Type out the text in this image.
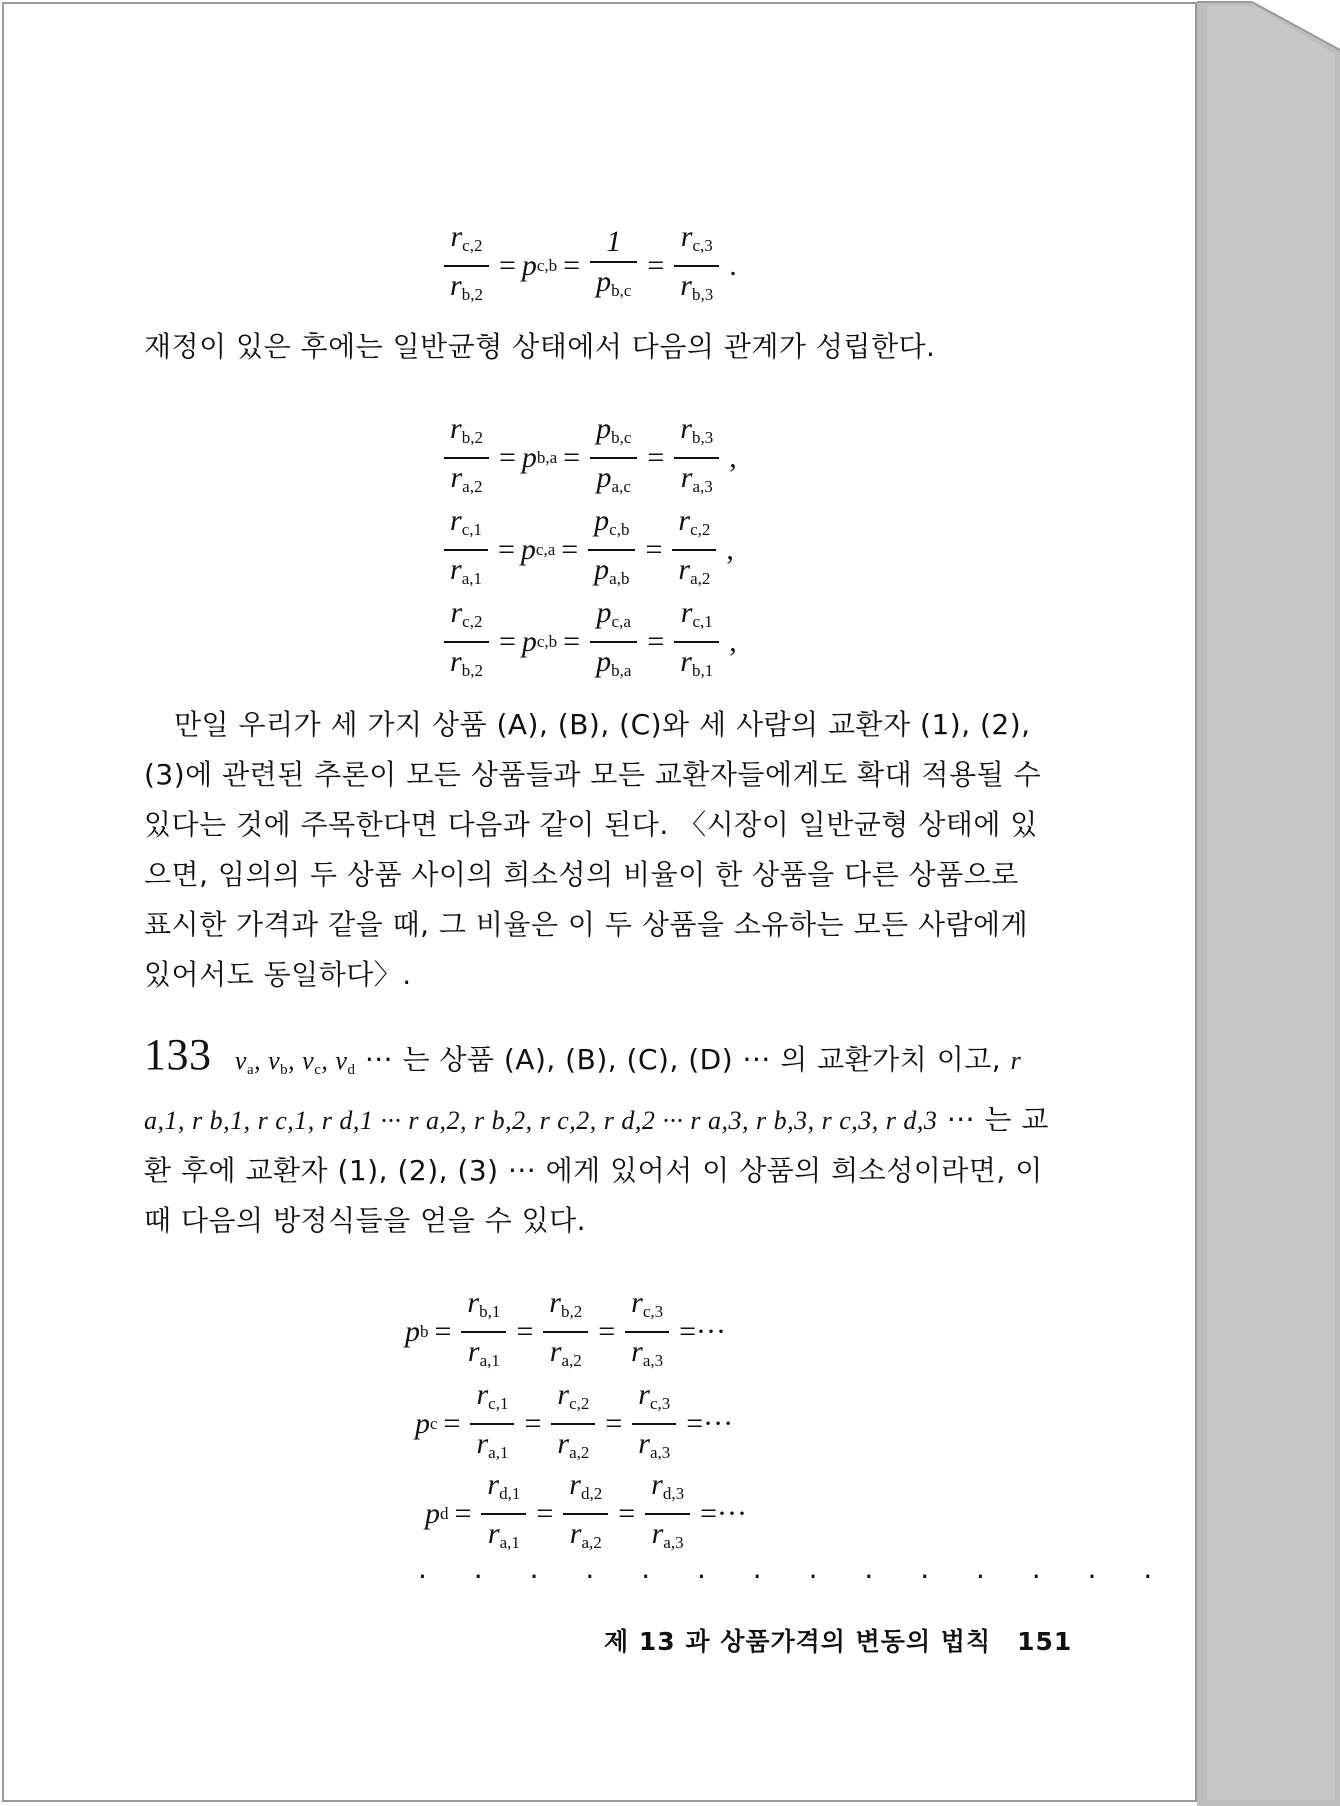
$\frac{r_{c,2}}{r_{b,2}} = p$ $c,b = \frac{1}{p_{b,c}} = \frac{r_{c,3}}{r_{b,3}}$ .

재정이 있은 후에는 일반균형 상태에서 다음의 관계가 성립한다.

$\frac{r_{b,2}}{r_{a,2}} = p$ $b,a = \frac{p_{b,c}}{p_{a,c}} = \frac{r_{b,3}}{r_{a,3}}$ ,
$\frac{r_{c,1}}{r_{a,1}} = p$ $c,a = \frac{p_{c,b}}{p_{a,b}} = \frac{r_{c,2}}{r_{a,2}}$ ,
$\frac{r_{c,2}}{r_{b,2}} = p$ $c,b = \frac{p_{c,a}}{p_{b,a}} = \frac{r_{c,1}}{r_{b,1}}$ ,

만일 우리가 세 가지 상품 (A), (B), (C)와 세 사람의 교환자 (1), (2), (3)에 관련된 추론이 모든 상품들과 모든 교환자들에게도 확대 적용될 수 있다는 것에 주목한다면 다음과 같이 된다. 〈시장이 일반균형 상태에 있으면, 임의의 두 상품 사이의 희소성의 비율이 한 상품을 다른 상품으로 표시한 가격과 같을 때, 그 비율은 이 두 상품을 소유하는 모든 사람에게 있어서도 동일하다〉.

133 $v_a$, $v_b$, $v_c$, $v_d$ ··· 는 상품 (A), (B), (C), (D) ··· 의 교환가치 이고, r a,1, r b,1, r c,1, r d,1 ··· r a,2, r b,2, r c,2, r d,2 ··· r a,3, r b,3, r c,3, r d,3 ··· 는 교환 후에 교환자 (1), (2), (3) ··· 에게 있어서 이 상품의 희소성이라면, 이때 다음의 방정식들을 얻을 수 있다.

p $b = \frac{r_{b,1}}{r_{a,1}} = \frac{r_{b,2}}{r_{a,2}} = \frac{r_{c,3}}{r_{a,3}}$ =···
p $c = \frac{r_{c,1}}{r_{a,1}} = \frac{r_{c,2}}{r_{a,2}} = \frac{r_{c,3}}{r_{a,3}}$ =···
p $d = \frac{r_{d,1}}{r_{a,1}} = \frac{r_{d,2}}{r_{a,2}} = \frac{r_{d,3}}{r_{a,3}}$ =···
. . . . . . . . . . . . . .
제 13 과 상품가격의 변동의 법칙 151
